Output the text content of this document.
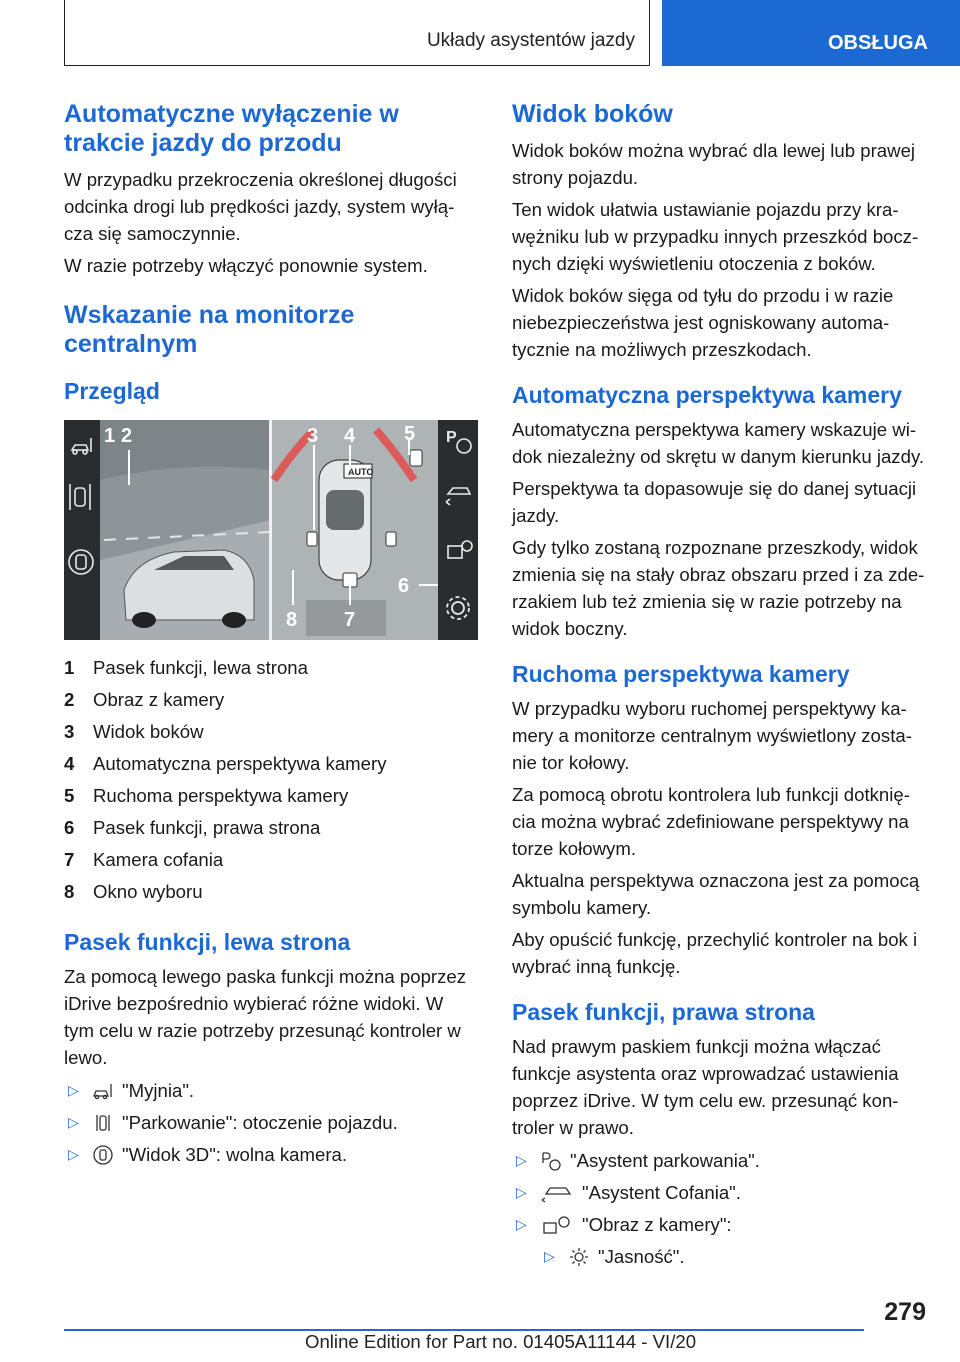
Układy asystentów jazdy	OBSŁUGA
Automatyczne wyłączenie w trakcie jazdy do przodu

W przypadku przekroczenia określonej długości odcinka drogi lub prędkości jazdy, system wyłą‐cza się samoczynnie.

W razie potrzeby włączyć ponownie system.

Wskazanie na monitorze centralnym
Przegląd
AUTO
P
1 2	3 4 5
6
7
8
1	Pasek funkcji, lewa strona
2	Obraz z kamery
3	Widok boków
4	Automatyczna perspektywa kamery
5	Ruchoma perspektywa kamery
6	Pasek funkcji, prawa strona
7	Kamera cofania
8	Okno wyboru
Pasek funkcji, lewa strona

Za pomocą lewego paska funkcji można poprzez iDrive bezpośrednio wybierać różne widoki. W tym celu w razie potrzeby przesunąć kontroler w lewo.

▷	"Myjnia".
▷	"Parkowanie": otoczenie pojazdu.
▷	"Widok 3D": wolna kamera.
Widok boków

Widok boków można wybrać dla lewej lub prawej strony pojazdu.

Ten widok ułatwia ustawianie pojazdu przy kra‐wężniku lub w przypadku innych przeszkód bocz‐nych dzięki wyświetleniu otoczenia z boków.

Widok boków sięga od tyłu do przodu i w razie niebezpieczeństwa jest ogniskowany automa‐tycznie na możliwych przeszkodach.

Automatyczna perspektywa kamery

Automatyczna perspektywa kamery wskazuje wi‐dok niezależny od skrętu w danym kierunku jazdy.

Perspektywa ta dopasowuje się do danej sytuacji jazdy.

Gdy tylko zostaną rozpoznane przeszkody, widok zmienia się na stały obraz obszaru przed i za zde‐rzakiem lub też zmienia się w razie potrzeby na widok boczny.

Ruchoma perspektywa kamery

W przypadku wyboru ruchomej perspektywy ka‐mery a monitorze centralnym wyświetlony zosta‐nie tor kołowy.

Za pomocą obrotu kontrolera lub funkcji dotknię‐cia można wybrać zdefiniowane perspektywy na torze kołowym.

Aktualna perspektywa oznaczona jest za pomocą symbolu kamery.

Aby opuścić funkcję, przechylić kontroler na bok i wybrać inną funkcję.

Pasek funkcji, prawa strona

Nad prawym paskiem funkcji można włączać funkcje asystenta oraz wprowadzać ustawienia poprzez iDrive. W tym celu ew. przesunąć kon‐troler w prawo.

▷	"Asystent parkowania".
▷	"Asystent Cofania".
▷	"Obraz z kamery":
▷	"Jasność".
279
Online Edition for Part no. 01405A11144 - VI/20
